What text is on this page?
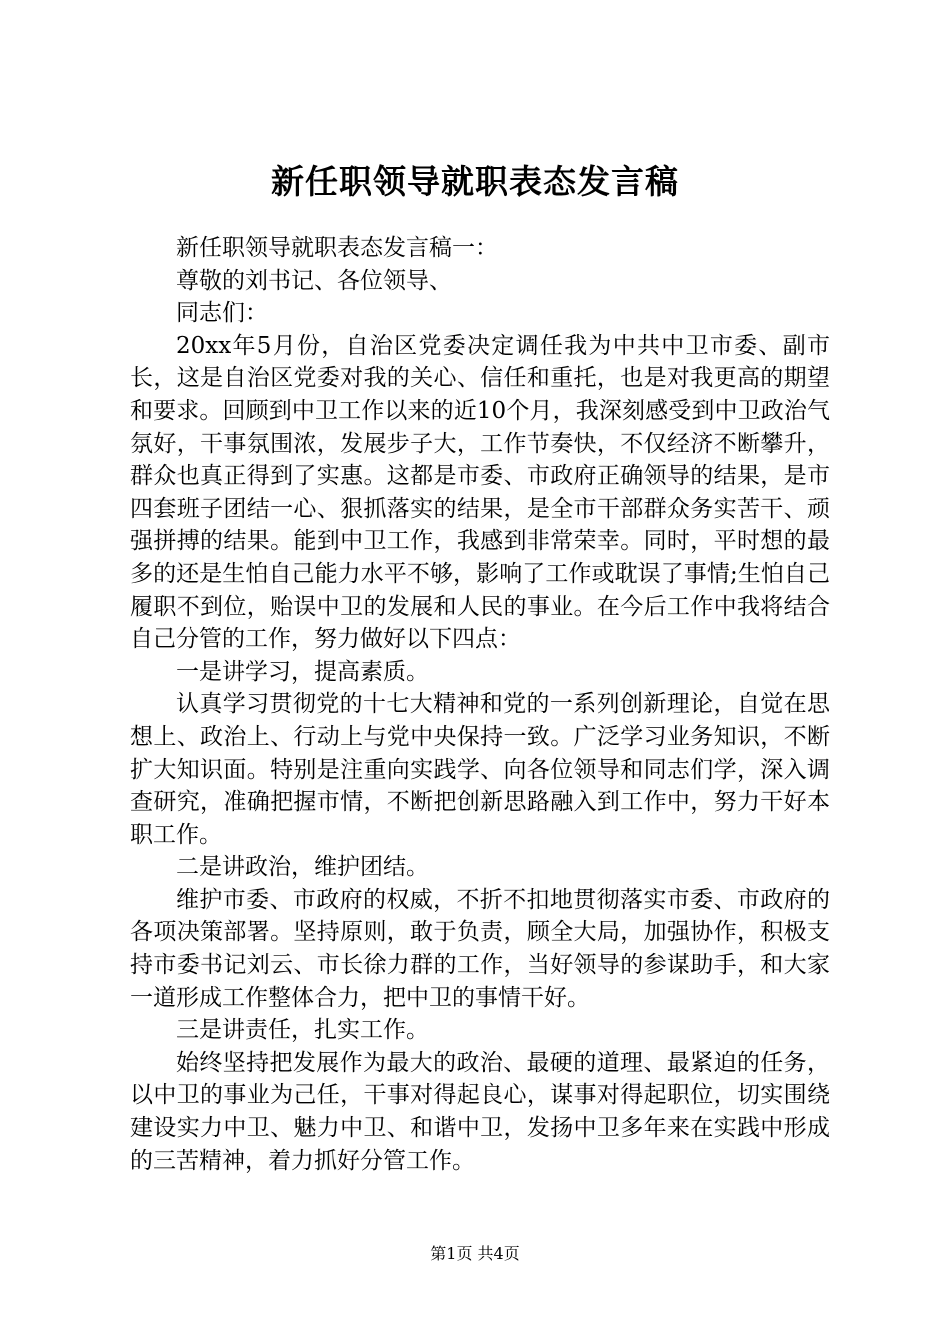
新任职领导就职表态发言稿

新任职领导就职表态发言稿一：

尊敬的刘书记、各位领导、

同志们：

20xx年5月份，自治区党委决定调任我为中共中卫市委、副市长，这是自治区党委对我的关心、信任和重托，也是对我更高的期望和要求。回顾到中卫工作以来的近10个月，我深刻感受到中卫政治气氛好，干事氛围浓，发展步子大，工作节奏快，不仅经济不断攀升，群众也真正得到了实惠。这都是市委、市政府正确领导的结果，是市四套班子团结一心、狠抓落实的结果，是全市干部群众务实苦干、顽强拼搏的结果。能到中卫工作，我感到非常荣幸。同时，平时想的最多的还是生怕自己能力水平不够，影响了工作或耽误了事情;生怕自己履职不到位，贻误中卫的发展和人民的事业。在今后工作中我将结合自己分管的工作，努力做好以下四点：

一是讲学习，提高素质。

认真学习贯彻党的十七大精神和党的一系列创新理论，自觉在思想上、政治上、行动上与党中央保持一致。广泛学习业务知识，不断扩大知识面。特别是注重向实践学、向各位领导和同志们学，深入调查研究，准确把握市情，不断把创新思路融入到工作中，努力干好本职工作。

二是讲政治，维护团结。

维护市委、市政府的权威，不折不扣地贯彻落实市委、市政府的各项决策部署。坚持原则，敢于负责，顾全大局，加强协作，积极支持市委书记刘云、市长徐力群的工作，当好领导的参谋助手，和大家一道形成工作整体合力，把中卫的事情干好。

三是讲责任，扎实工作。

始终坚持把发展作为最大的政治、最硬的道理、最紧迫的任务，以中卫的事业为己任，干事对得起良心，谋事对得起职位，切实围绕建设实力中卫、魅力中卫、和谐中卫，发扬中卫多年来在实践中形成的三苦精神，着力抓好分管工作。

第1页 共4页
